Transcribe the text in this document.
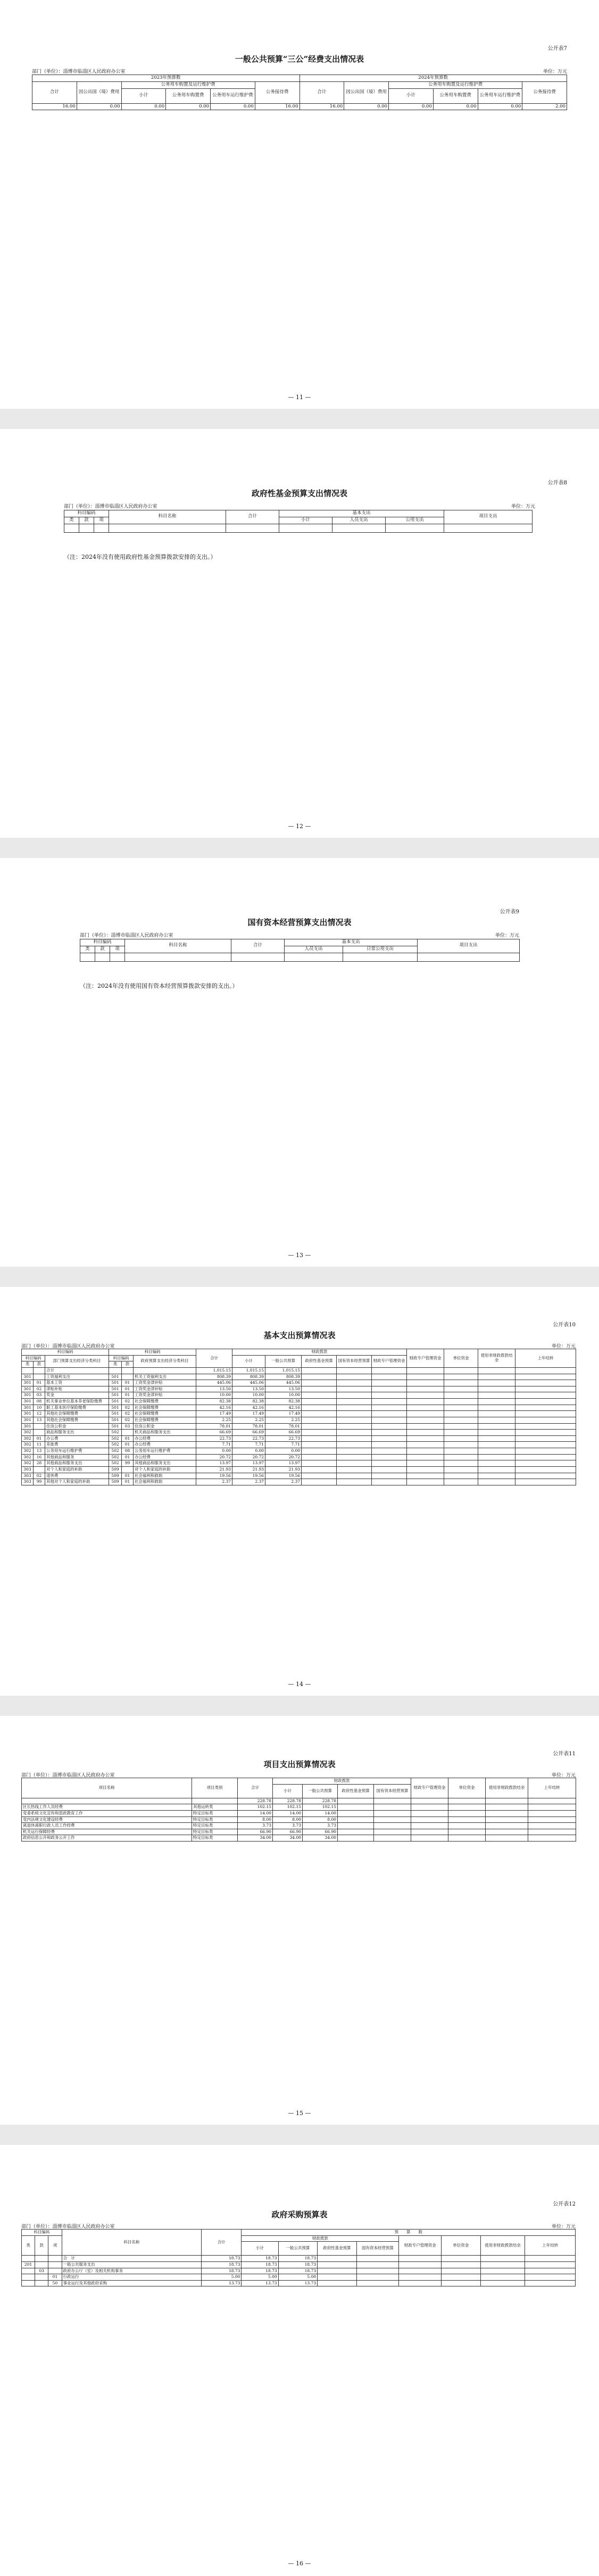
公开表7
一般公共预算“三公”经费支出情况表
部门（单位）：淄博市临淄区人民政府办公室	单位：万元
2023年预算数						2024年预算数					
合计	因公出国（境）费用	公务用车购置及运行维护费			公务接待费	合计	因公出国（境）费用	公务用车购置及运行维护费			公务接待费
		小计	公务用车购置费	公务用车运行维护费				小计	公务用车购置费	公务用车运行维护费	
16.00	0.00	0.00	0.00	0.00	16.00	16.00	0.00	0.00	0.00	0.00	2.00
— 11 —
公开表8
政府性基金预算支出情况表
部门（单位）：淄博市临淄区人民政府办公室	单位：万元
科目编码			科目名称	合计	基本支出			项目支出
类	款	项			小计	人员支出	公用支出	

（注：2024年没有使用政府性基金预算拨款安排的支出。）
— 12 —
公开表9
国有资本经营预算支出情况表
部门（单位）：淄博市临淄区人民政府办公室	单位：万元
科目编码			科目名称	合计	基本支出		项目支出
类	款	项			人员支出	日常公用支出	

（注：2024年没有使用国有资本经营预算拨款安排的支出。）
— 13 —
公开表10
基本支出预算情况表
部门（单位）：淄博市临淄区人民政府办公室	单位：万元
科目编码			科目编码			合计	财政拨款					财政专户管理资金	单位资金	使用非财政拨款结余	上年结转
科目编码		部门预算支出经济分类科目	科目编码		政府预算支出经济分类科目		小计	一般公共预算	政府性基金预算	国有资本经营预算	财政专户管理资金				
类	款		类	款											
		合计				1,015.15	1,015.15	1,015.15							
301		工资福利支出	501		机关工资福利支出	808.39	808.39	808.39							
301	01	基本工资	501	01	工资奖金津补贴	445.06	445.06	445.06							
301	02	津贴补贴	501	01	工资奖金津补贴	13.50	13.50	13.50							
301	03	奖金	501	01	工资奖金津补贴	10.00	10.00	10.00							
301	08	机关事业单位基本养老保险缴费	501	02	社会保障缴费	82.38	82.38	82.38							
301	10	职工基本医疗保险缴费	501	02	社会保障缴费	42.16	42.16	42.16							
301	12	其他社会保障缴费	501	02	社会保障缴费	17.49	17.49	17.49							
301	13	其他社会保障缴费	501	02	社会保障缴费	2.25	2.25	2.25							
301		住房公积金	501	03	住房公积金	78.01	78.01	78.01							
302		商品和服务支出	502		机关商品和服务支出	66.69	66.69	66.69							
302	01	办公费	502	01	办公经费	22.73	22.73	22.73							
302	11	差旅费	502	01	办公经费	7.71	7.71	7.71							
302	13	公务用车运行维护费	502	08	公务用车运行维护费	0.00	0.00	0.00							
302	16	其他商品和服务	502	01	办公经费	20.72	20.72	20.72							
302	28	其他商品和服务支出	502	99	其他商品和服务支出	13.97	13.97	13.97							
303		对个人和家庭的补助	509		对个人和家庭的补助	21.93	21.93	21.93							
303	02	退休费	509	01	社会福利和救助	19.56	19.56	19.56							
303	99	其他对个人和家庭的补助	509	01	社会福利和救助	2.37	2.37	2.37							
— 14 —
公开表11
项目支出预算情况表
部门（单位）：淄博市临淄区人民政府办公室	单位：万元
项目名称	项目类别	合计	财政拨款				财政专户管理资金	单位资金	使用非财政拨款结余	上年结转
			小计	一般公共预算	政府性基金预算	国有资本经营预算				
		228.78	228.78	228.78						
区长热线工作人员经费	其他运转类	102.15	102.15	102.15						
党委系统文化宣传和思政教育工作	特定目标类	14.00	14.00	14.00						
党内法规文化建设经费	特定目标类	8.00	8.00	8.00						
离退休离职行政人员工作经费	特定目标类	3.73	3.73	3.73						
机关运行保障经费	特定目标类	66.90	66.90	66.90						
政府信息公开和政务公开工作	特定目标类	34.00	34.00	34.00						
— 15 —
公开表12
政府采购预算表
部门（单位）：淄博市临淄区人民政府办公室	单位：万元
科目编码			科目名称	合计	预　　算　　数							
类	款	项			财政拨款				财政专户管理资金	单位资金	使用非财政拨款结余	上年结转
					小计	一般公共预算	政府性基金预算	国有资本经营预算				
			合　计	18.73	18.73	18.73						
201			一般公共服务支出	18.73	18.73	18.73						
	03		政府办公厅（室）及相关机构事务	18.73	18.73	18.73						
		01	行政运行	5.00	5.00	5.00						
		50	事业运行及其他政府采购	13.73	13.73	13.73						
— 16 —
